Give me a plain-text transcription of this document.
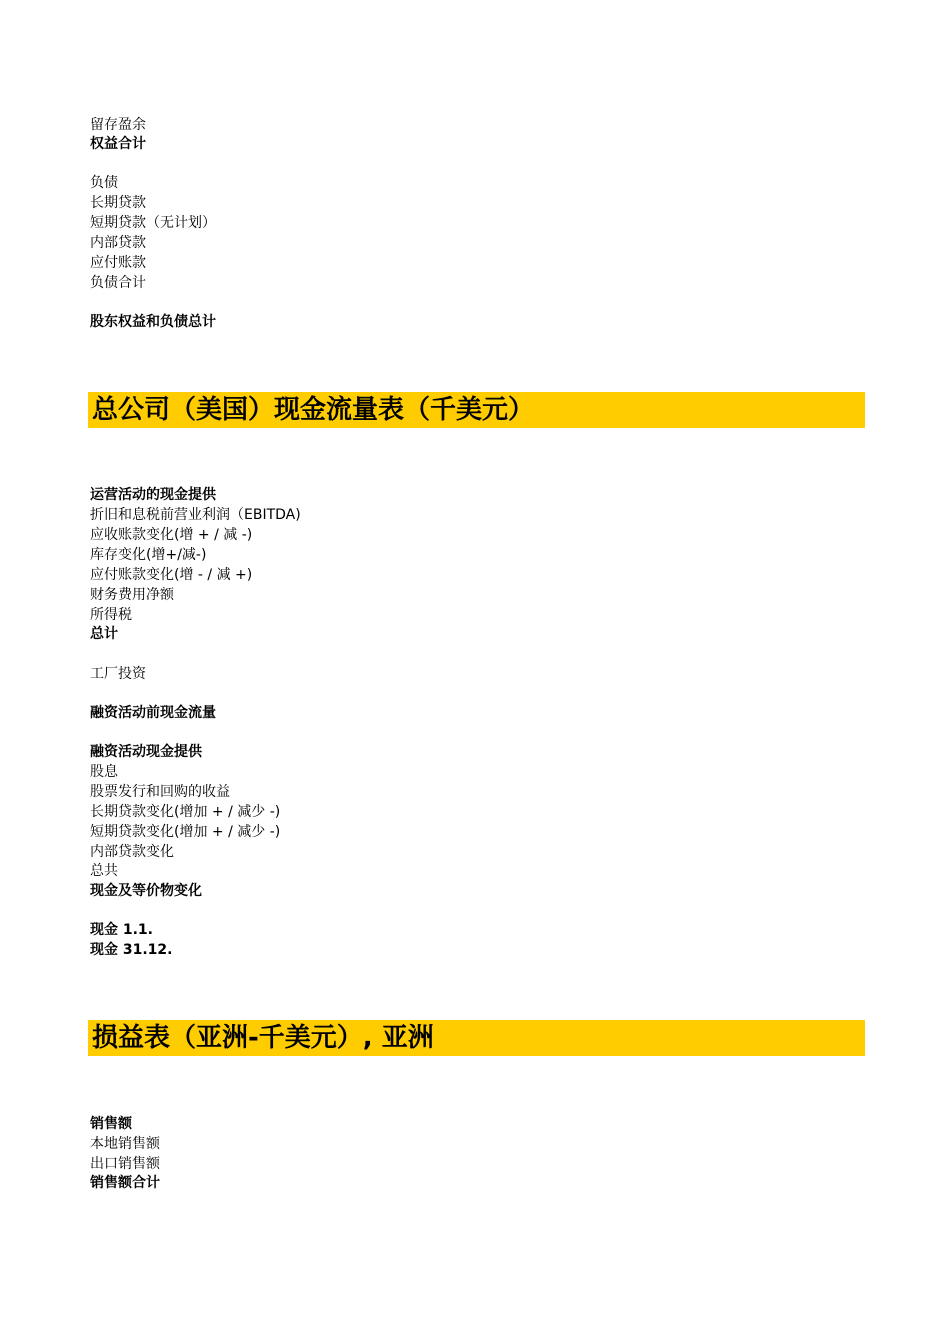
留存盈余
权益合计
负债
长期贷款
短期贷款（无计划）
内部贷款
应付账款
负债合计
股东权益和负债总计
总公司（美国）现金流量表（千美元）
运营活动的现金提供
折旧和息税前营业利润（EBITDA)
应收账款变化(增 + / 减 -)
库存变化(增+/减-)
应付账款变化(增 - / 减 +)
财务费用净额
所得税
总计
工厂投资
融资活动前现金流量
融资活动现金提供
股息
股票发行和回购的收益
长期贷款变化(增加 + / 减少 -)
短期贷款变化(增加 + / 减少 -)
内部贷款变化
总共
现金及等价物变化
现金 1.1.
现金 31.12.
损益表（亚洲-千美元）, 亚洲
销售额
本地销售额
出口销售额
销售额合计
